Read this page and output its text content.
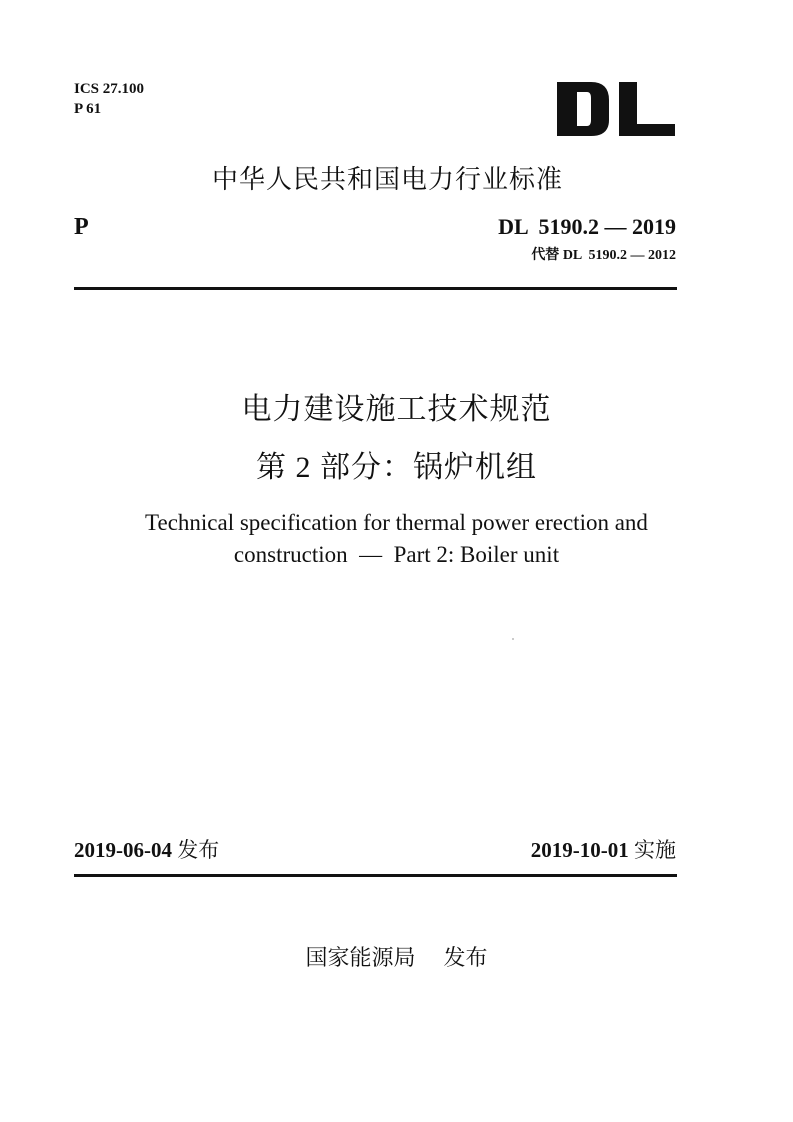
ICS 27.100
P 61
中华人民共和国电力行业标准
P	DL  5190.2 — 2019
代替 DL  5190.2 — 2012
电力建设施工技术规范
第 2 部分：锅炉机组
Technical specification for thermal power erection and
construction  —  Part 2: Boiler unit
2019-06-04 发布	2019-10-01 实施
国家能源局    发布
